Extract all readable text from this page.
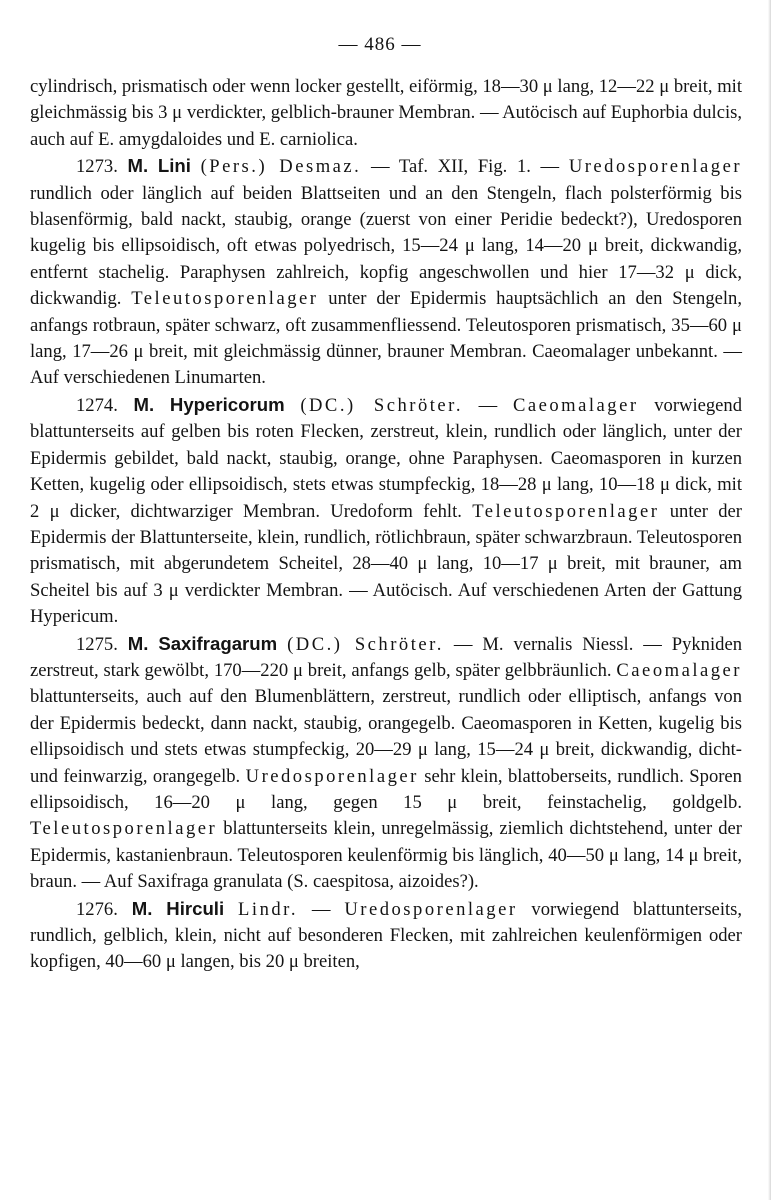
— 486 —

cylindrisch, prismatisch oder wenn locker gestellt, eiförmig, 18—30 μ lang, 12—22 μ breit, mit gleichmässig bis 3 μ verdickter, gelblich-brauner Membran. — Autöcisch auf Euphorbia dulcis, auch auf E. amygdaloides und E. carniolica.

1273. M. Lini (Pers.) Desmaz. — Taf. XII, Fig. 1. — Uredosporenlager rundlich oder länglich auf beiden Blattseiten und an den Stengeln, flach polsterförmig bis blasenförmig, bald nackt, staubig, orange (zuerst von einer Peridie bedeckt?), Uredosporen kugelig bis ellipsoidisch, oft etwas polyedrisch, 15—24 μ lang, 14—20 μ breit, dickwandig, entfernt stachelig. Paraphysen zahlreich, kopfig angeschwollen und hier 17—32 μ dick, dickwandig. Teleutosporenlager unter der Epidermis hauptsächlich an den Stengeln, anfangs rotbraun, später schwarz, oft zusammenfliessend. Teleutosporen prismatisch, 35—60 μ lang, 17—26 μ breit, mit gleichmässig dünner, brauner Membran. Caeomalager unbekannt. — Auf verschiedenen Linumarten.

1274. M. Hypericorum (DC.) Schröter. — Caeomalager vorwiegend blattunterseits auf gelben bis roten Flecken, zerstreut, klein, rundlich oder länglich, unter der Epidermis gebildet, bald nackt, staubig, orange, ohne Paraphysen. Caeomasporen in kurzen Ketten, kugelig oder ellipsoidisch, stets etwas stumpfeckig, 18—28 μ lang, 10—18 μ dick, mit 2 μ dicker, dichtwarziger Membran. Uredoform fehlt. Teleutosporenlager unter der Epidermis der Blattunterseite, klein, rundlich, rötlichbraun, später schwarzbraun. Teleutosporen prismatisch, mit abgerundetem Scheitel, 28—40 μ lang, 10—17 μ breit, mit brauner, am Scheitel bis auf 3 μ verdickter Membran. — Autöcisch. Auf verschiedenen Arten der Gattung Hypericum.

1275. M. Saxifragarum (DC.) Schröter. — M. vernalis Niessl. — Pykniden zerstreut, stark gewölbt, 170—220 μ breit, anfangs gelb, später gelbbräunlich. Caeomalager blattunterseits, auch auf den Blumenblättern, zerstreut, rundlich oder elliptisch, anfangs von der Epidermis bedeckt, dann nackt, staubig, orangegelb. Caeomasporen in Ketten, kugelig bis ellipsoidisch und stets etwas stumpfeckig, 20—29 μ lang, 15—24 μ breit, dickwandig, dicht- und feinwarzig, orangegelb. Uredosporenlager sehr klein, blattoberseits, rundlich. Sporen ellipsoidisch, 16—20 μ lang, gegen 15 μ breit, feinstachelig, goldgelb. Teleutosporenlager blattunterseits klein, unregelmässig, ziemlich dichtstehend, unter der Epidermis, kastanienbraun. Teleutosporen keulenförmig bis länglich, 40—50 μ lang, 14 μ breit, braun. — Auf Saxifraga granulata (S. caespitosa, aizoides?).

1276. M. Hirculi Lindr. — Uredosporenlager vorwiegend blattunterseits, rundlich, gelblich, klein, nicht auf besonderen Flecken, mit zahlreichen keulenförmigen oder kopfigen, 40—60 μ langen, bis 20 μ breiten,
